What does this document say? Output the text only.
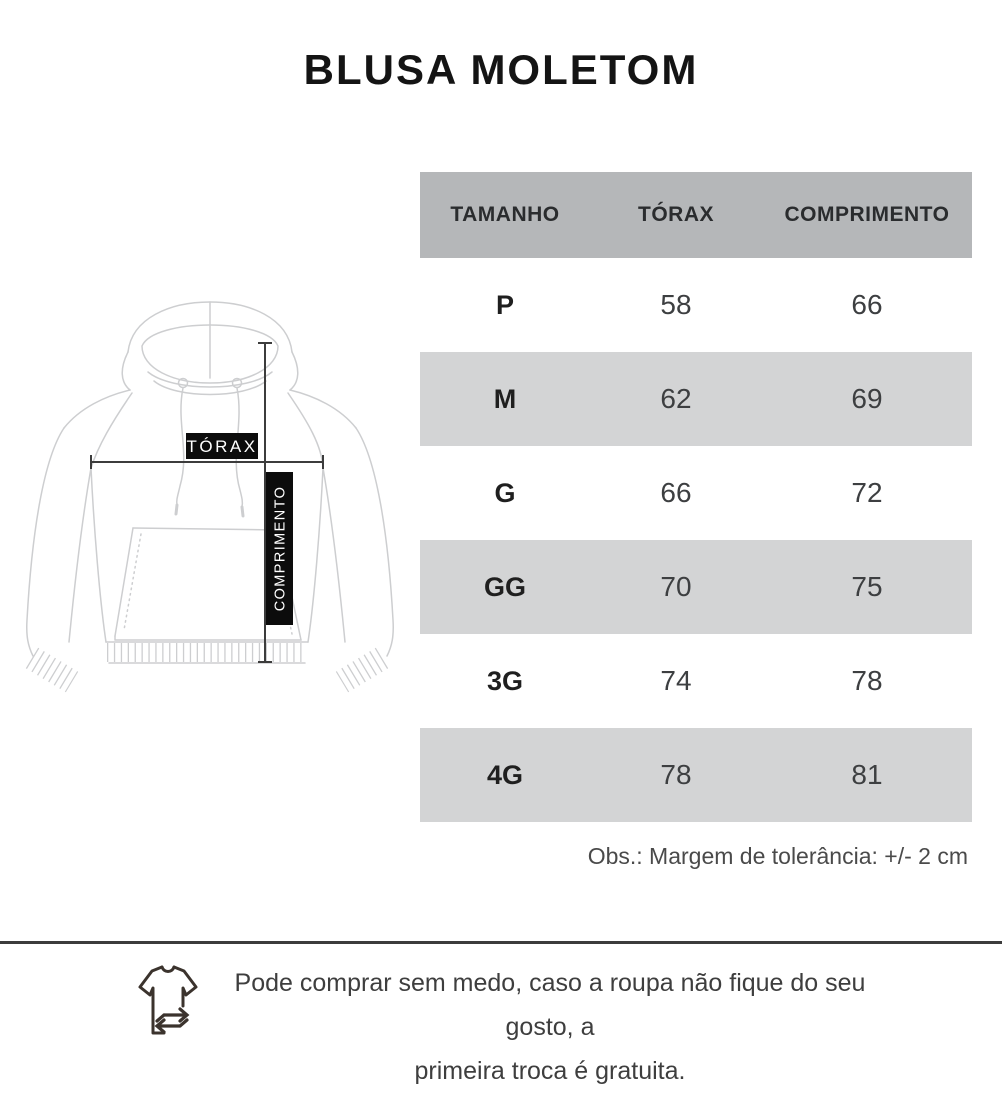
BLUSA MOLETOM
TÓRAX
COMPRIMENTO
TAMANHO	TÓRAX	COMPRIMENTO
P	58	66
M	62	69
G	66	72
GG	70	75
3G	74	78
4G	78	81
Obs.: Margem de tolerância: +/- 2 cm
Pode comprar sem medo, caso a roupa não fique do seu gosto, a
primeira troca é gratuita.
